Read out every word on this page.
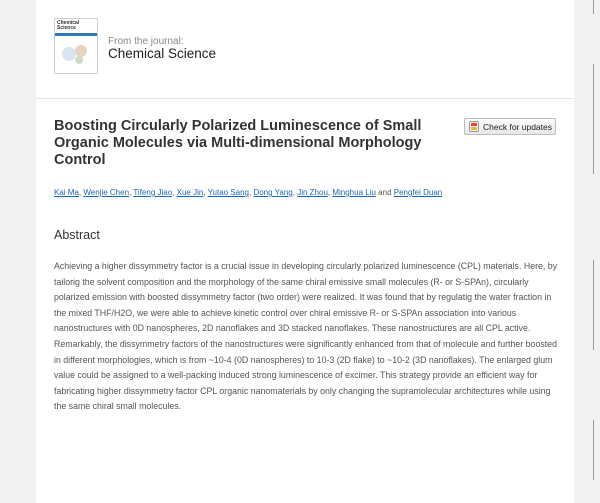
Chemical Science
From the journal:
Chemical Science
Boosting Circularly Polarized Luminescence of Small Organic Molecules via Multi-dimensional Morphology Control
Check for updates
Kai Ma, Wenjie Chen, Tifeng Jiao, Xue Jin, Yutao Sang, Dong Yang, Jin Zhou, Minghua Liu and Pengfei Duan
Abstract
Achieving a higher dissymmetry factor is a crucial issue in developing circularly polarized luminescence (CPL) materials. Here, by tailorig the solvent composition and the morphology of the same chiral emissive small molecules (R- or S-SPAn), circularly polarized emission with boosted dissymmetry factor (two order) were realized. It was found that by regulatig the water fraction in the mixed THF/H2O, we were able to achieve kinetic control over chiral emissive R- or S-SPAn association into various nanostructures with 0D nanospheres, 2D nanoflakes and 3D stacked nanoflakes. These nanostructures are all CPL active. Remarkably, the dissymmetry factors of the nanostructures were significantly enhanced from that of molecule and further boosted in different morphologies, which is from ~10-4 (0D nanospheres) to 10-3 (2D flake) to ~10-2 (3D nanoflakes). The enlarged glum value could be assigned to a well-packing induced strong luminescence of excimer. This strategy provide an efficient way for fabricating higher dissymmetry factor CPL organic nanomaterials by only changing the supramolecular architectures while using the same chiral small molecules.
